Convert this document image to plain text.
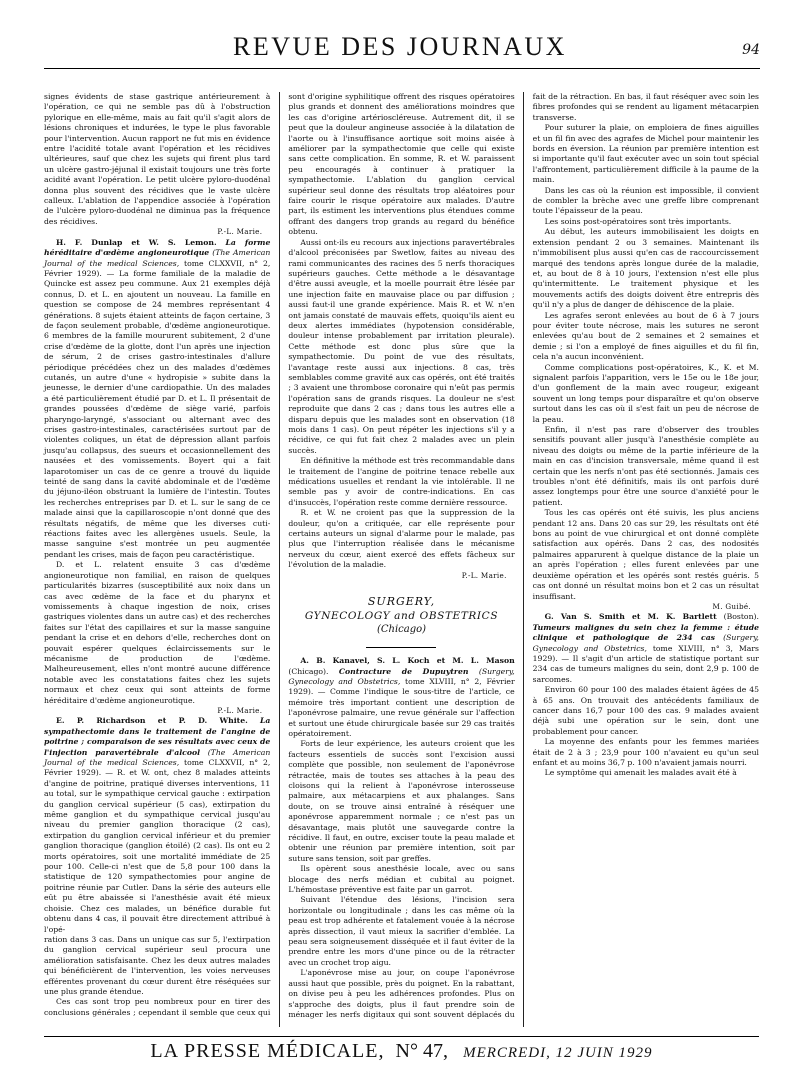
REVUE DES JOURNAUX	94

signes évidents de stase gastrique antérieurement à l'opération, ce qui ne semble pas dû à l'obstruction pylorique en elle-même, mais au fait qu'il s'agit alors de lésions chroniques et indurées, le type le plus favorable pour l'intervention. Aucun rapport ne fut mis en évidence entre l'acidité totale avant l'opération et les récidives ultérieures, sauf que chez les sujets qui firent plus tard un ulcère gastro-jéjunal il existait toujours une très forte acidité avant l'opération. Le petit ulcère pyloro-duodénal donna plus souvent des récidives que le vaste ulcère calleux. L'ablation de l'appendice associée à l'opération de l'ulcère pyloro-duodénal ne diminua pas la fréquence des récidives.

P.-L. Marie.

H. F. Dunlap et W. S. Lemon. La forme héréditaire d'œdème angioneurotique (The American Journal of the medical Sciences, tome CLXXVII, n° 2, Février 1929). — La forme familiale de la maladie de Quincke est assez peu commune. Aux 21 exemples déjà connus, D. et L. en ajoutent un nouveau. La famille en question se compose de 24 membres représentant 4 générations. 8 sujets étaient atteints de façon certaine, 3 de façon seulement probable, d'œdème angioneurotique. 6 membres de la famille moururent subitement, 2 d'une crise d'œdème de la glotte, dont l'un après une injection de sérum, 2 de crises gastro-intestinales d'allure périodique précédées chez un des malades d'œdèmes cutanés, un autre d'une « hydropisie » subite dans la jeunesse, le dernier d'une cardiopathie. Un des malades a été particulièrement étudié par D. et L. Il présentait de grandes poussées d'œdème de siège varié, parfois pharyngo-laryngé, s'associant ou alternant avec des crises gastro-intestinales, caractérisées surtout par de violentes coliques, un état de dépression allant parfois jusqu'au collapsus, des sueurs et occasionnellement des nausées et des vomissements. Boyert qui a fait laparotomiser un cas de ce genre a trouvé du liquide teinté de sang dans la cavité abdominale et de l'œdème du jéjuno-iléon obstruant la lumière de l'intestin. Toutes les recherches entreprises par D. et L. sur le sang de ce malade ainsi que la capillaroscopie n'ont donné que des résultats négatifs, de même que les diverses cuti-réactions faites avec les allergènes usuels. Seule, la masse sanguine s'est montrée un peu augmentée pendant les crises, mais de façon peu caractéristique.

D. et L. relatent ensuite 3 cas d'œdème angioneurotique non familial, en raison de quelques particularités bizarres (susceptibilité aux noix dans un cas avec œdème de la face et du pharynx et vomissements à chaque ingestion de noix, crises gastriques violentes dans un autre cas) et des recherches faites sur l'état des capillaires et sur la masse sanguine pendant la crise et en dehors d'elle, recherches dont on pouvait espérer quelques éclaircissements sur le mécanisme de production de l'œdème. Malheureusement, elles n'ont montré aucune différence notable avec les constatations faites chez les sujets normaux et chez ceux qui sont atteints de forme héréditaire d'œdème angioneurotique.

P.-L. Marie.

E. P. Richardson et P. D. White. La sympathectomie dans le traitement de l'angine de poitrine ; comparaison de ses résultats avec ceux de l'injection paravertébrale d'alcool (The American Journal of the medical Sciences, tome CLXXVII, n° 2, Février 1929). — R. et W. ont, chez 8 malades atteints d'angine de poitrine, pratiqué diverses interventions, 11 au total, sur le sympathique cervical gauche : extirpation du ganglion cervical supérieur (5 cas), extirpation du même ganglion et du sympathique cervical jusqu'au niveau du premier ganglion thoracique (2 cas), extirpation du ganglion cervical inférieur et du premier ganglion thoracique (ganglion étoilé) (2 cas). Ils ont eu 2 morts opératoires, soit une mortalité immédiate de 25 pour 100. Celle-ci n'est que de 5,8 pour 100 dans la statistique de 120 sympathectomies pour angine de poitrine réunie par Cutler. Dans la série des auteurs elle eût pu être abaissée si l'anesthésie avait été mieux choisie. Chez ces malades, un bénéfice durable fut obtenu dans 4 cas, il pouvait être directement attribué à l'opé-

ration dans 3 cas. Dans un unique cas sur 5, l'extirpation du ganglion cervical supérieur seul procura une amélioration satisfaisante. Chez les deux autres malades qui bénéficièrent de l'intervention, les voies nerveuses efférentes provenant du cœur durent être réséquées sur une plus grande étendue.

Ces cas sont trop peu nombreux pour en tirer des conclusions générales ; cependant il semble que ceux qui sont d'origine syphilitique offrent des risques opératoires plus grands et donnent des améliorations moindres que les cas d'origine artérioscléreuse. Autrement dit, il se peut que la douleur angineuse associée à la dilatation de l'aorte ou à l'insuffisance aortique soit moins aisée à améliorer par la sympathectomie que celle qui existe sans cette complication. En somme, R. et W. paraissent peu encouragés à continuer à pratiquer la sympathectomie. L'ablation du ganglion cervical supérieur seul donne des résultats trop aléatoires pour faire courir le risque opératoire aux malades. D'autre part, ils estiment les interventions plus étendues comme offrant des dangers trop grands au regard du bénéfice obtenu.

Aussi ont-ils eu recours aux injections paravertébrales d'alcool préconisées par Swetlow, faites au niveau des rami communicantes des racines des 5 nerfs thoraciques supérieurs gauches. Cette méthode a le désavantage d'être aussi aveugle, et la moelle pourrait être lésée par une injection faite en mauvaise place ou par diffusion ; aussi faut-il une grande expérience. Mais R. et W. n'en ont jamais constaté de mauvais effets, quoiqu'ils aient eu deux alertes immédiates (hypotension considérable, douleur intense probablement par irritation pleurale). Cette méthode est donc plus sûre que la sympathectomie. Du point de vue des résultats, l'avantage reste aussi aux injections. 8 cas, très semblables comme gravité aux cas opérés, ont été traités ; 3 avaient une thrombose coronaire qui n'eût pas permis l'opération sans de grands risques. La douleur ne s'est reproduite que dans 2 cas ; dans tous les autres elle a disparu depuis que les malades sont en observation (18 mois dans 1 cas). On peut répéter les injections s'il y a récidive, ce qui fut fait chez 2 malades avec un plein succès.

En définitive la méthode est très recommandable dans le traitement de l'angine de poitrine tenace rebelle aux médications usuelles et rendant la vie intolérable. Il ne semble pas y avoir de contre-indications. En cas d'insuccès, l'opération reste comme dernière ressource.

R. et W. ne croient pas que la suppression de la douleur, qu'on a critiquée, car elle représente pour certains auteurs un signal d'alarme pour le malade, pas plus que l'interruption réalisée dans le mécanisme nerveux du cœur, aient exercé des effets fâcheux sur l'évolution de la maladie.

P.-L. Marie.

SURGERY,
GYNECOLOGY and OBSTETRICS
(Chicago)

A. B. Kanavel, S. L. Koch et M. L. Mason (Chicago). Contracture de Dupuytren (Surgery, Gynecology and Obstetrics, tome XLVIII, n° 2, Février 1929). — Comme l'indique le sous-titre de l'article, ce mémoire très important contient une description de l'aponévrose palmaire, une revue générale sur l'affection et surtout une étude chirurgicale basée sur 29 cas traités opératoirement.

Forts de leur expérience, les auteurs croient que les facteurs essentiels de succès sont l'excision aussi complète que possible, non seulement de l'aponévrose rétractée, mais de toutes ses attaches à la peau des cloisons qui la relient à l'aponévrose interosseuse palmaire, aux métacarpiens et aux phalanges. Sans doute, on se trouve ainsi entraîné à réséquer une aponévrose apparemment normale ; ce n'est pas un désavantage, mais plutôt une sauvegarde contre la récidive. Il faut, en outre, exciser toute la peau malade et obtenir une réunion par première intention, soit par suture sans tension, soit par greffes.

Ils opèrent sous anesthésie locale, avec ou sans blocage des nerfs médian et cubital au poignet. L'hémostase préventive est faite par un garrot.

Suivant l'étendue des lésions, l'incision sera horizontale ou longitudinale ; dans les cas même où la peau est trop adhérente et fatalement vouée à la nécrose après dissection, il vaut mieux la sacrifier d'emblée. La peau sera soigneusement disséquée et il faut éviter de la prendre entre les mors d'une pince ou de la rétracter avec un crochet trop aigu.

L'aponévrose mise au jour, on coupe l'aponévrose aussi haut que possible, près du poignet. En la rabattant, on divise peu à peu les adhérences profondes. Plus on s'approche des doigts, plus il faut prendre soin de ménager les nerfs digitaux qui sont souvent déplacés du fait de la rétraction. En bas, il faut réséquer avec soin les fibres profondes qui se rendent au ligament métacarpien transverse.

Pour suturer la plaie, on emploiera de fines aiguilles et un fil fin avec des agrafes de Michel pour maintenir les bords en éversion. La réunion par première intention est si importante qu'il faut exécuter avec un soin tout spécial l'affrontement, particulièrement difficile à la paume de la main.

Dans les cas où la réunion est impossible, il convient de combler la brèche avec une greffe libre comprenant toute l'épaisseur de la peau.

Les soins post-opératoires sont très importants.

Au début, les auteurs immobilisaient les doigts en extension pendant 2 ou 3 semaines. Maintenant ils n'immobilisent plus aussi qu'en cas de raccourcissement marqué des tendons après longue durée de la maladie, et, au bout de 8 à 10 jours, l'extension n'est elle plus qu'intermittente. Le traitement physique et les mouvements actifs des doigts doivent être entrepris dès qu'il n'y a plus de danger de déhiscence de la plaie.

Les agrafes seront enlevées au bout de 6 à 7 jours pour éviter toute nécrose, mais les sutures ne seront enlevées qu'au bout de 2 semaines et 2 semaines et demie ; si l'on a employé de fines aiguilles et du fil fin, cela n'a aucun inconvénient.

Comme complications post-opératoires, K., K. et M. signalent parfois l'apparition, vers le 15e ou le 18e jour, d'un gonflement de la main avec rougeur, exigeant souvent un long temps pour disparaître et qu'on observe surtout dans les cas où il s'est fait un peu de nécrose de la peau.

Enfin, il n'est pas rare d'observer des troubles sensitifs pouvant aller jusqu'à l'anesthésie complète au niveau des doigts ou même de la partie inférieure de la main en cas d'incision transversale, même quand il est certain que les nerfs n'ont pas été sectionnés. Jamais ces troubles n'ont été définitifs, mais ils ont parfois duré assez longtemps pour être une source d'anxiété pour le patient.

Tous les cas opérés ont été suivis, les plus anciens pendant 12 ans. Dans 20 cas sur 29, les résultats ont été bons au point de vue chirurgical et ont donné complète satisfaction aux opérés. Dans 2 cas, des nodosités palmaires apparurent à quelque distance de la plaie un an après l'opération ; elles furent enlevées par une deuxième opération et les opérés sont restés guéris. 5 cas ont donné un résultat moins bon et 2 cas un résultat insuffisant.

M. Guibé.

G. Van S. Smith et M. K. Bartlett (Boston). Tumeurs malignes du sein chez la femme : étude clinique et pathologique de 234 cas (Surgery, Gynecology and Obstetrics, tome XLVIII, n° 3, Mars 1929). — Il s'agit d'un article de statistique portant sur 234 cas de tumeurs malignes du sein, dont 2,9 p. 100 de sarcomes.

Environ 60 pour 100 des malades étaient âgées de 45 à 65 ans. On trouvait des antécédents familiaux de cancer dans 16,7 pour 100 des cas. 9 malades avaient déjà subi une opération sur le sein, dont une probablement pour cancer.

La moyenne des enfants pour les femmes mariées était de 2 à 3 ; 23,9 pour 100 n'avaient eu qu'un seul enfant et au moins 36,7 p. 100 n'avaient jamais nourri.

Le symptôme qui amenait les malades avait été à

LA PRESSE MÉDICALE, N° 47, MERCREDI, 12 JUIN 1929
